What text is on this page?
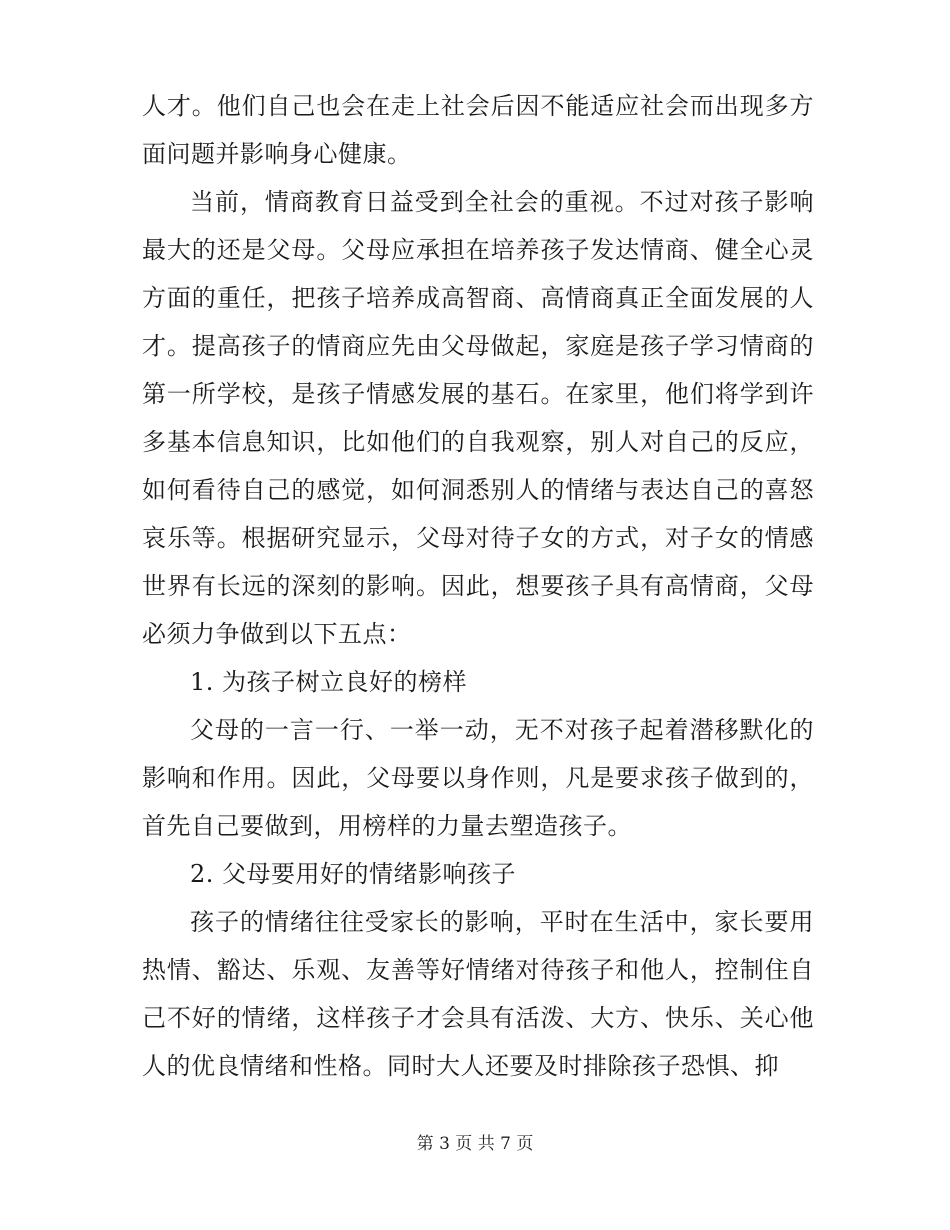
人才。他们自己也会在走上社会后因不能适应社会而出现多方
面问题并影响身心健康。
当前，情商教育日益受到全社会的重视。不过对孩子影响
最大的还是父母。父母应承担在培养孩子发达情商、健全心灵
方面的重任，把孩子培养成高智商、高情商真正全面发展的人
才。提高孩子的情商应先由父母做起，家庭是孩子学习情商的
第一所学校，是孩子情感发展的基石。在家里，他们将学到许
多基本信息知识，比如他们的自我观察，别人对自己的反应，
如何看待自己的感觉，如何洞悉别人的情绪与表达自己的喜怒
哀乐等。根据研究显示，父母对待子女的方式，对子女的情感
世界有长远的深刻的影响。因此，想要孩子具有高情商，父母
必须力争做到以下五点：
1. 为孩子树立良好的榜样
父母的一言一行、一举一动，无不对孩子起着潜移默化的
影响和作用。因此，父母要以身作则，凡是要求孩子做到的，
首先自己要做到，用榜样的力量去塑造孩子。
2. 父母要用好的情绪影响孩子
孩子的情绪往往受家长的影响，平时在生活中，家长要用
热情、豁达、乐观、友善等好情绪对待孩子和他人，控制住自
己不好的情绪，这样孩子才会具有活泼、大方、快乐、关心他
人的优良情绪和性格。同时大人还要及时排除孩子恐惧、抑
第 3 页 共 7 页
